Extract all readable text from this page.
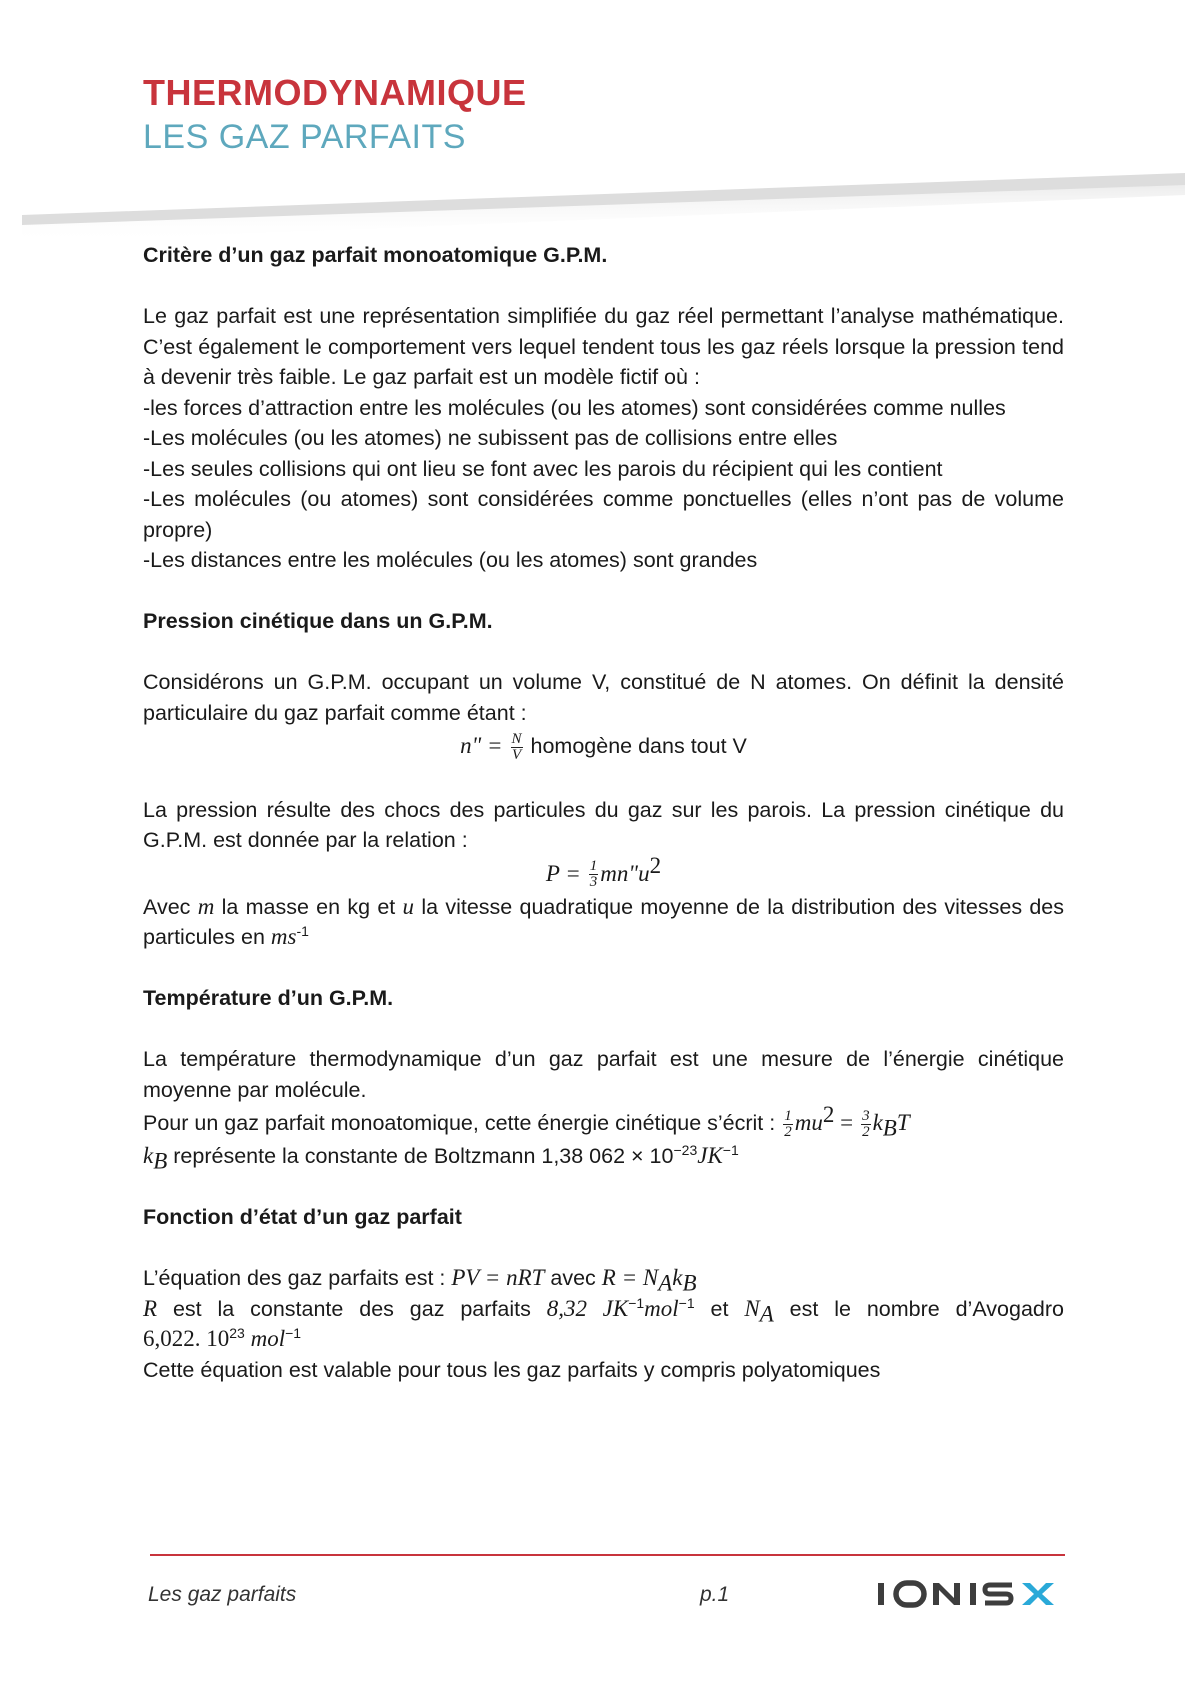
THERMODYNAMIQUE
LES GAZ PARFAITS

Critère d’un gaz parfait monoatomique G.P.M.

Le gaz parfait est une représentation simplifiée du gaz réel permettant l’analyse mathématique. C’est également le comportement vers lequel tendent tous les gaz réels lorsque la pression tend à devenir très faible. Le gaz parfait est un modèle fictif où :

-les forces d’attraction entre les molécules (ou les atomes) sont considérées comme nulles

-Les molécules (ou les atomes) ne subissent pas de collisions entre elles

-Les seules collisions qui ont lieu se font avec les parois du récipient qui les contient

-Les molécules (ou atomes) sont considérées comme ponctuelles (elles n’ont pas de volume propre)

-Les distances entre les molécules (ou les atomes) sont grandes

Pression cinétique dans un G.P.M.

Considérons un G.P.M. occupant un volume V, constitué de N atomes. On définit la densité particulaire du gaz parfait comme étant :

n" = $\frac{N}{V}$ homogène dans tout V

La pression résulte des chocs des particules du gaz sur les parois. La pression cinétique du G.P.M. est donnée par la relation :

$P = \frac{1}{3}$ $mn"u^2$

Avec m la masse en kg et u la vitesse quadratique moyenne de la distribution des vitesses des particules en $ms^{-1}$

Température d’un G.P.M.

La température thermodynamique d’un gaz parfait est une mesure de l’énergie cinétique moyenne par molécule.

Pour un gaz parfait monoatomique, cette énergie cinétique s’écrit : $\frac{1}{2} mu^2 = \frac{3}{2} k_BT$

$k_B$ représente la constante de Boltzmann 1,38 $062 \times 10^{-23}JK^{-1}$

Fonction d’état d’un gaz parfait

L’équation des gaz parfaits est : PV = nRT avec $R = N_Ak_B$

R est la constante des gaz parfaits 8,32 $JK^{-1}mol^{-1}$ et $N_A$ est le nombre d’Avogadro

6,022. $10^{23}$ mol$^{-1}$

Cette équation est valable pour tous les gaz parfaits y compris polyatomiques

Les gaz parfaits	p.1
